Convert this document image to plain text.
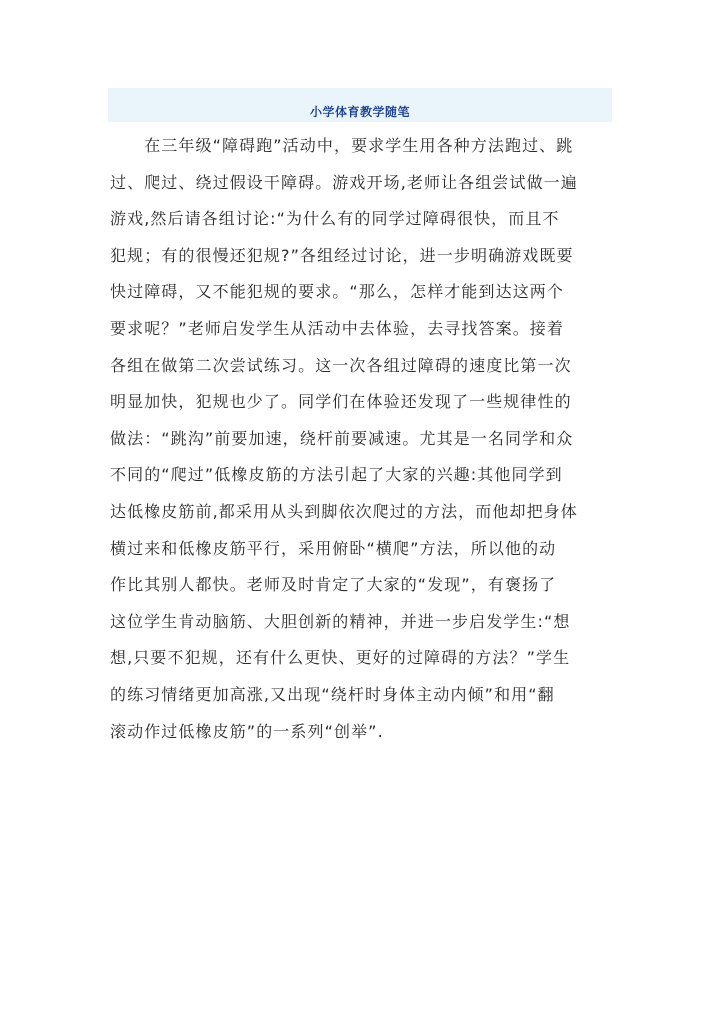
小学体育教学随笔
　　在三年级“障碍跑”活动中，要求学生用各种方法跑过、跳
过、爬过、绕过假设干障碍。游戏开场,老师让各组尝试做一遍
游戏,然后请各组讨论:“为什么有的同学过障碍很快，而且不
犯规；有的很慢还犯规?”各组经过讨论，进一步明确游戏既要
快过障碍，又不能犯规的要求。“那么，怎样才能到达这两个
要求呢？”老师启发学生从活动中去体验，去寻找答案。接着
各组在做第二次尝试练习。这一次各组过障碍的速度比第一次
明显加快，犯规也少了。同学们在体验还发现了一些规律性的
做法：“跳沟”前要加速，绕杆前要减速。尤其是一名同学和众
不同的“爬过”低橡皮筋的方法引起了大家的兴趣:其他同学到
达低橡皮筋前,都采用从头到脚依次爬过的方法，而他却把身体
横过来和低橡皮筋平行，采用俯卧“横爬”方法，所以他的动
作比其别人都快。老师及时肯定了大家的“发现”，有褒扬了
这位学生肯动脑筋、大胆创新的精神，并进一步启发学生:“想
想,只要不犯规，还有什么更快、更好的过障碍的方法？”学生
的练习情绪更加高涨,又出现“绕杆时身体主动内倾”和用“翻
滚动作过低橡皮筋”的一系列“创举”.
